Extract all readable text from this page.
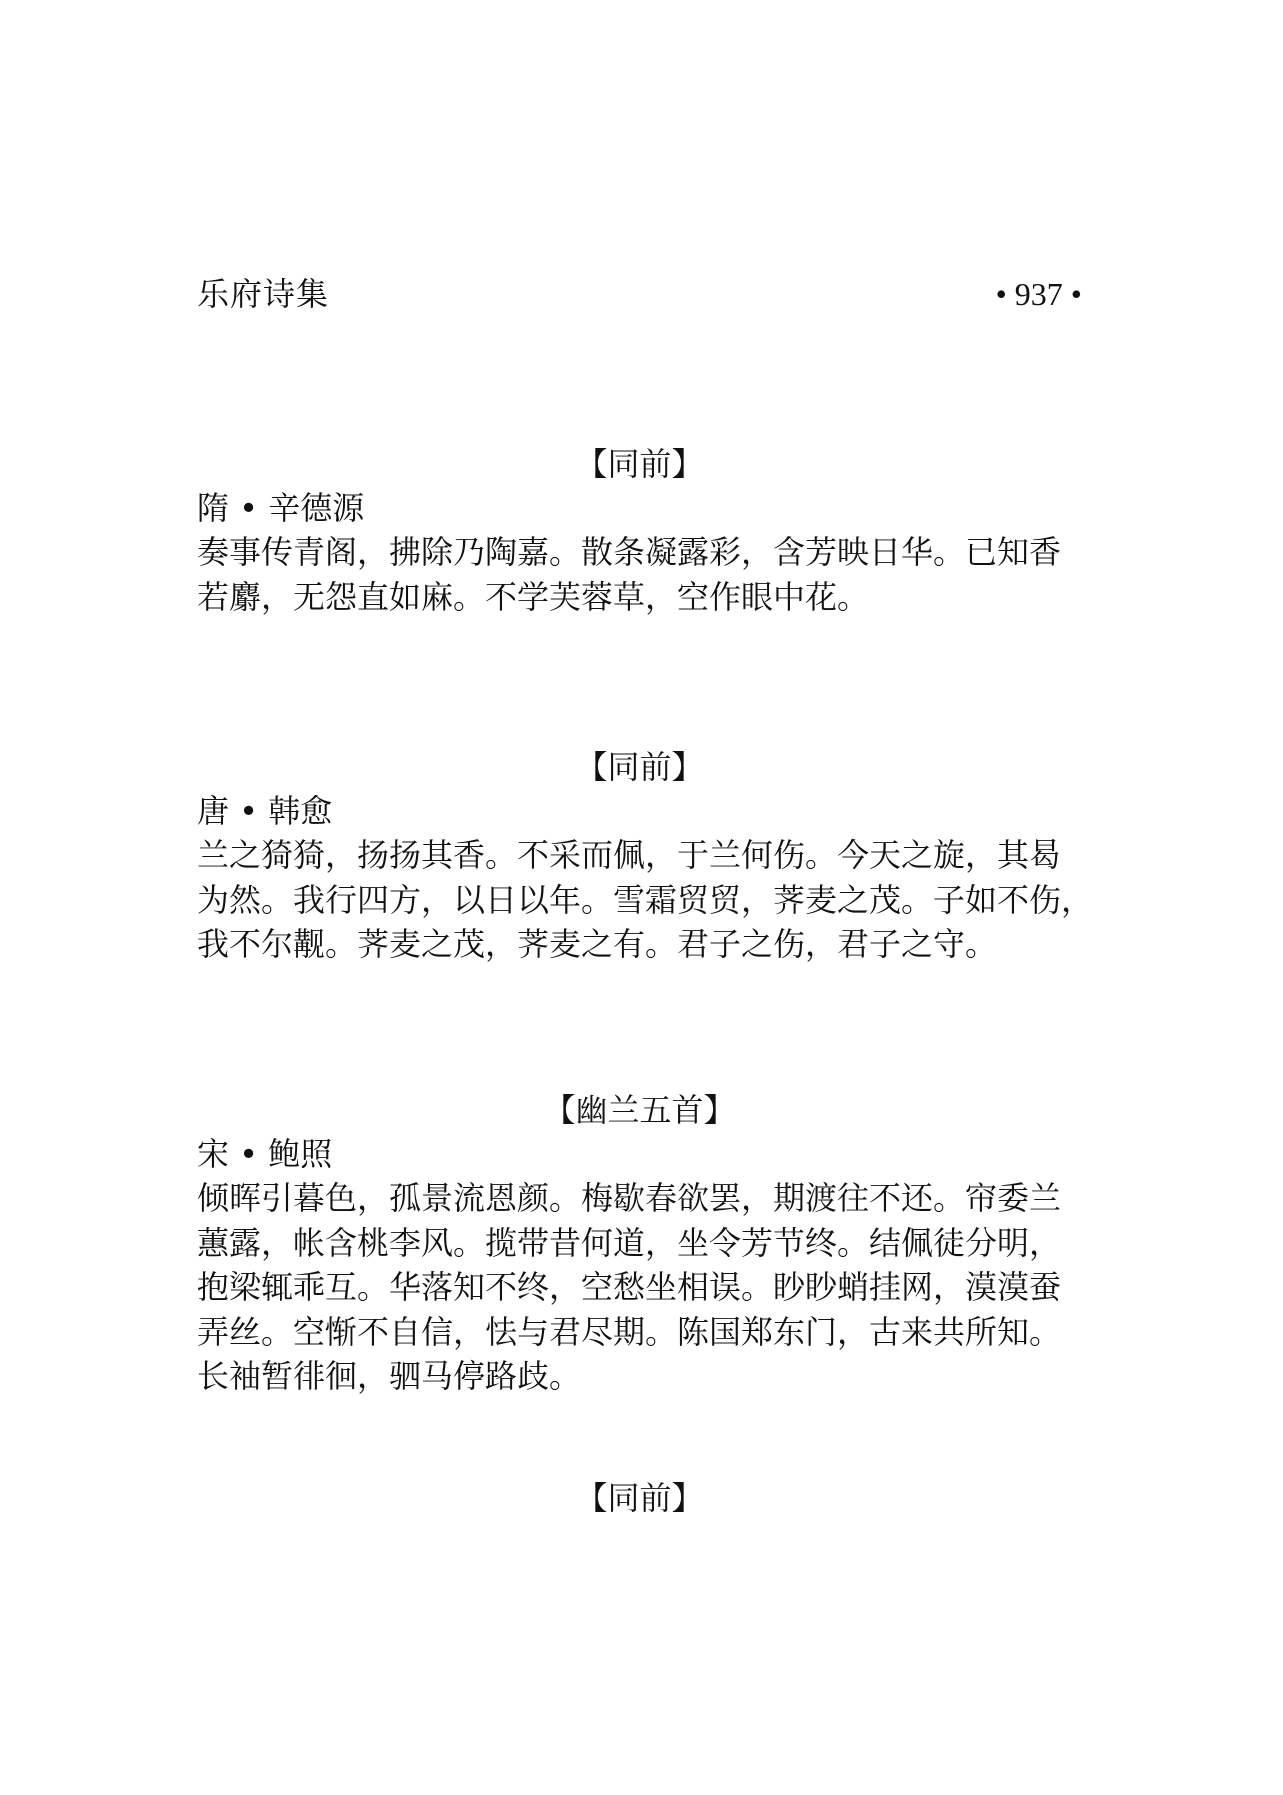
乐府诗集	• 937 •
【同前】
隋 • 辛德源
奏事传青阁，拂除乃陶嘉。散条凝露彩，含芳映日华。已知香
若麝，无怨直如麻。不学芙蓉草，空作眼中花。
【同前】
唐 • 韩愈
兰之猗猗，扬扬其香。不采而佩，于兰何伤。今天之旋，其曷
为然。我行四方，以日以年。雪霜贸贸，荠麦之茂。子如不伤，
我不尔觏。荠麦之茂，荠麦之有。君子之伤，君子之守。
【幽兰五首】
宋 • 鲍照
倾晖引暮色，孤景流恩颜。梅歇春欲罢，期渡往不还。帘委兰
蕙露，帐含桃李风。揽带昔何道，坐令芳节终。结佩徒分明，
抱梁辄乖互。华落知不终，空愁坐相误。眇眇蛸挂网，漠漠蚕
弄丝。空惭不自信，怯与君尽期。陈国郑东门，古来共所知。
长袖暂徘徊，驷马停路歧。
【同前】
